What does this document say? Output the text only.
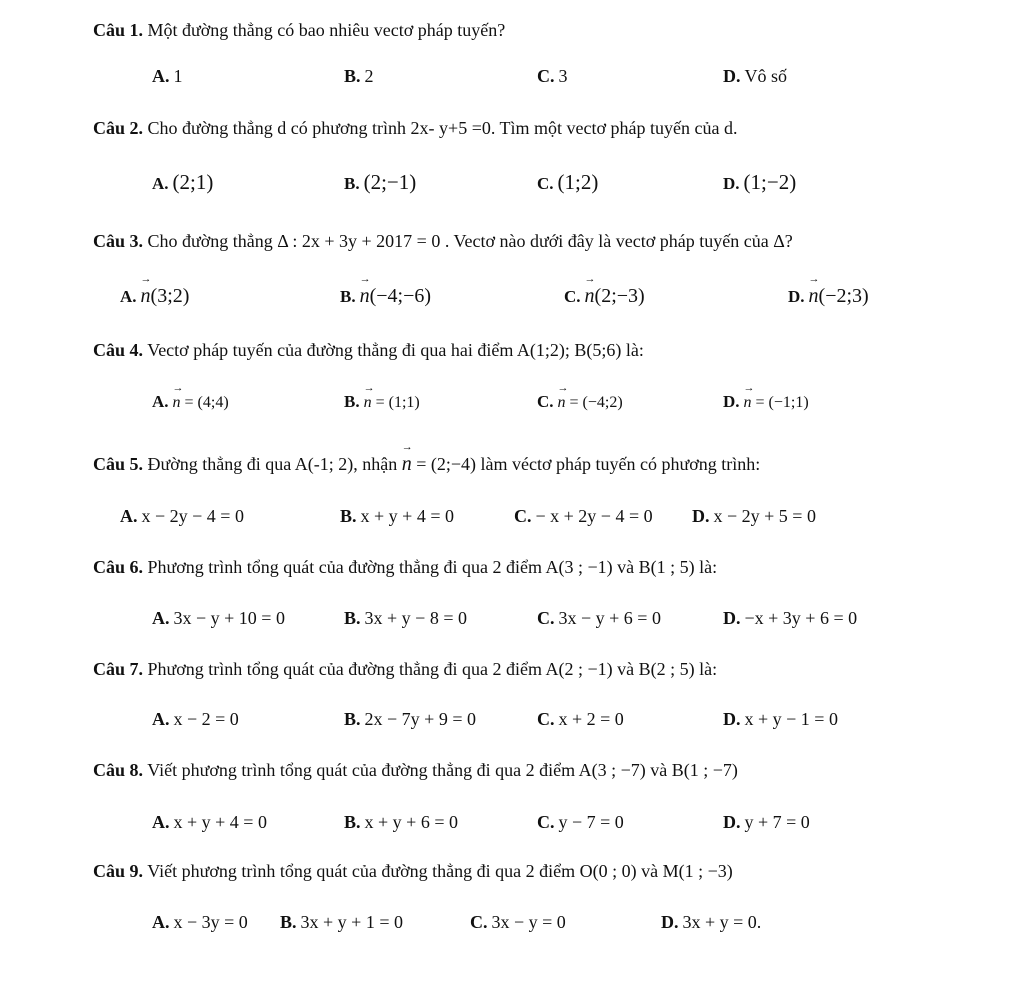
Câu 1. Một đường thẳng có bao nhiêu vectơ pháp tuyến?
A. 1	B. 2	C. 3	D. Vô số
Câu 2. Cho đường thẳng d có phương trình 2x- y+5 =0. Tìm một vectơ pháp tuyến của d.
A. (2;1)	B. (2;−1)	C. (1;2)	D. (1;−2)
Câu 3. Cho đường thẳng Δ : 2x + 3y + 2017 = 0 . Vectơ nào dưới đây là vectơ pháp tuyến của Δ?
A. → n(3;2)	B. → n(−4;−6)	C. → n(2;−3)	D. → n(−2;3)
Câu 4. Vectơ pháp tuyến của đường thẳng đi qua hai điểm A(1;2); B(5;6) là:
A. → n = (4;4)	B. → n = (1;1)	C. → n = (−4;2)	D. → n = (−1;1)
Câu 5. Đường thẳng đi qua A(-1; 2), nhận → n = (2;−4) làm véctơ pháp tuyến có phương trình:
A. x − 2y − 4 = 0	B. x + y + 4 = 0	C. − x + 2y − 4 = 0 D. x − 2y + 5 = 0
Câu 6. Phương trình tổng quát của đường thẳng đi qua 2 điểm A(3 ; −1) và B(1 ; 5) là:
A. 3x − y + 10 = 0	B. 3x + y − 8 = 0	C. 3x − y + 6 = 0	D. −x + 3y + 6 = 0
Câu 7. Phương trình tổng quát của đường thẳng đi qua 2 điểm A(2 ; −1) và B(2 ; 5) là:
A. x − 2 = 0	B. 2x − 7y + 9 = 0	C. x + 2 = 0	D. x + y − 1 = 0
Câu 8. Viết phương trình tổng quát của đường thẳng đi qua 2 điểm A(3 ; −7) và B(1 ; −7)
A. x + y + 4 = 0	B. x + y + 6 = 0	C. y − 7 = 0	D. y + 7 = 0
Câu 9. Viết phương trình tổng quát của đường thẳng đi qua 2 điểm O(0 ; 0) và M(1 ; −3)
A. x − 3y = 0 B. 3x + y + 1 = 0	C. 3x − y = 0	D. 3x + y = 0.
